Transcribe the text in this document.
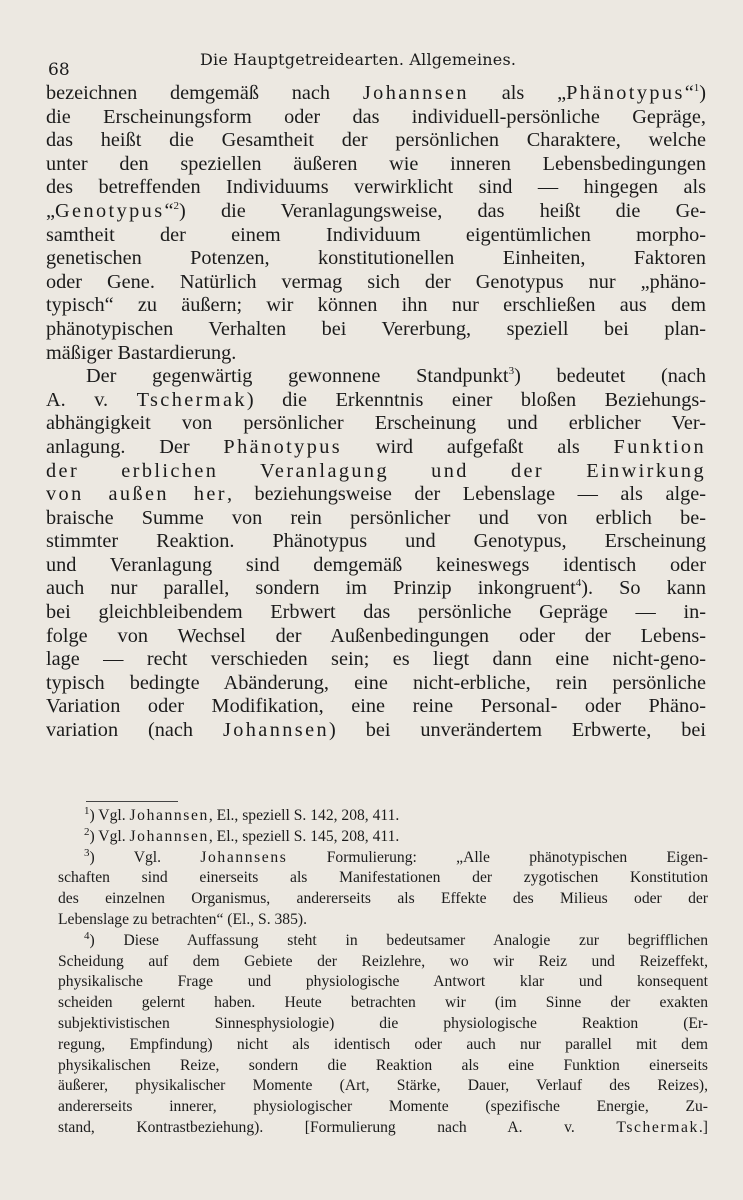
68
Die Hauptgetreidearten. Allgemeines.

bezeichnen demgemäß nach Johannsen als „Phänotypus“$^1$)
die Erscheinungsform oder das individuell-persönliche Gepräge,
das heißt die Gesamtheit der persönlichen Charaktere, welche
unter den speziellen äußeren wie inneren Lebensbedingungen
des betreffenden Individuums verwirklicht sind — hingegen als
„Genotypus“$^2$) die Veranlagungsweise, das heißt die Ge-
samtheit der einem Individuum eigentümlichen morpho-
genetischen Potenzen, konstitutionellen Einheiten, Faktoren
oder Gene. Natürlich vermag sich der Genotypus nur „phäno-
typisch“ zu äußern; wir können ihn nur erschließen aus dem
phänotypischen Verhalten bei Vererbung, speziell bei plan-
mäßiger Bastardierung.

Der gegenwärtig gewonnene Standpunkt$^3$) bedeutet (nach
A. v. Tschermak) die Erkenntnis einer bloßen Beziehungs-
abhängigkeit von persönlicher Erscheinung und erblicher Ver-
anlagung. Der Phänotypus wird aufgefaßt als Funktion
der erblichen Veranlagung und der Einwirkung
von außen her, beziehungsweise der Lebenslage — als alge-
braische Summe von rein persönlicher und von erblich be-
stimmter Reaktion. Phänotypus und Genotypus, Erscheinung
und Veranlagung sind demgemäß keineswegs identisch oder
auch nur parallel, sondern im Prinzip inkongruent$^4$). So kann
bei gleichbleibendem Erbwert das persönliche Gepräge — in-
folge von Wechsel der Außenbedingungen oder der Lebens-
lage — recht verschieden sein; es liegt dann eine nicht-geno-
typisch bedingte Abänderung, eine nicht-erbliche, rein persönliche
Variation oder Modifikation, eine reine Personal- oder Phäno-
variation (nach Johannsen) bei unverändertem Erbwerte, bei

$^1$) Vgl. Johannsen, El., speziell S. 142, 208, 411.
$^2$) Vgl. Johannsen, El., speziell S. 145, 208, 411.
$^3$) Vgl. Johannsens Formulierung: „Alle phänotypischen Eigen-
schaften sind einerseits als Manifestationen der zygotischen Konstitution
des einzelnen Organismus, andererseits als Effekte des Milieus oder der
Lebenslage zu betrachten“ (El., S. 385).
$^4$) Diese Auffassung steht in bedeutsamer Analogie zur begrifflichen
Scheidung auf dem Gebiete der Reizlehre, wo wir Reiz und Reizeffekt,
physikalische Frage und physiologische Antwort klar und konsequent
scheiden gelernt haben. Heute betrachten wir (im Sinne der exakten
subjektivistischen Sinnesphysiologie) die physiologische Reaktion (Er-
regung, Empfindung) nicht als identisch oder auch nur parallel mit dem
physikalischen Reize, sondern die Reaktion als eine Funktion einerseits
äußerer, physikalischer Momente (Art, Stärke, Dauer, Verlauf des Reizes),
andererseits innerer, physiologischer Momente (spezifische Energie, Zu-
stand, Kontrastbeziehung). [Formulierung nach A. v. Tschermak.]
